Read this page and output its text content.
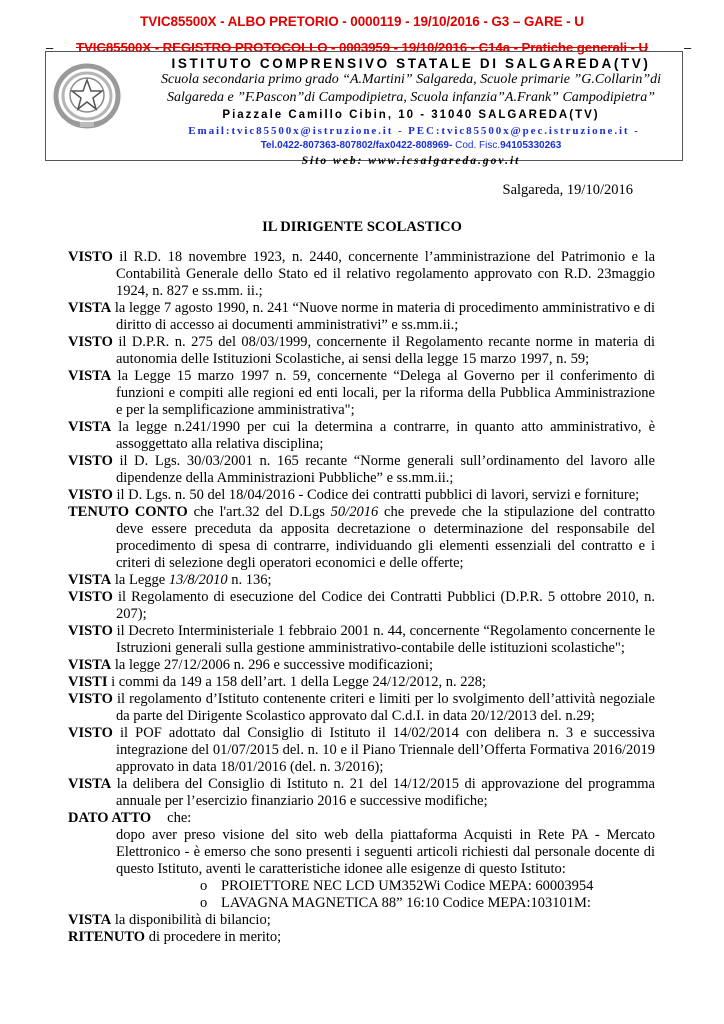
TVIC85500X - ALBO PRETORIO - 0000119 - 19/10/2016 - G3 – GARE - U
–	TVIC85500X - REGISTRO PROTOCOLLO - 0003959 - 19/10/2016 - C14a - Pratiche generali - U	–
ISTITUTO COMPRENSIVO STATALE DI SALGAREDA(TV)
Scuola secondaria primo grado “A.Martini” Salgareda, Scuole primarie ”G.Collarin”di
Salgareda e ”F.Pascon”di Campodipietra, Scuola infanzia”A.Frank” Campodipietra”
Piazzale Camillo Cibin, 10 - 31040 SALGAREDA(TV)
Email:tvic85500x@istruzione.it - PEC:tvic85500x@pec.istruzione.it -
Tel.0422-807363-807802/fax0422-808969- Cod. Fisc.94105330263
Sito web: www.icsalgareda.gov.it
Salgareda, 19/10/2016
IL DIRIGENTE SCOLASTICO

VISTO il R.D. 18 novembre 1923, n. 2440, concernente l’amministrazione del Patrimonio e la Contabilità Generale dello Stato ed il relativo regolamento approvato con R.D. 23maggio 1924, n. 827 e ss.mm. ii.;

VISTA la legge 7 agosto 1990, n. 241 “Nuove norme in materia di procedimento amministrativo e di diritto di accesso ai documenti amministrativi” e ss.mm.ii.;

VISTO il D.P.R. n. 275 del 08/03/1999, concernente il Regolamento recante norme in materia di autonomia delle Istituzioni Scolastiche, ai sensi della legge 15 marzo 1997, n. 59;

VISTA la Legge 15 marzo 1997 n. 59, concernente “Delega al Governo per il conferimento di funzioni e compiti alle regioni ed enti locali, per la riforma della Pubblica Amministrazione e per la semplificazione amministrativa";

VISTA la legge n.241/1990 per cui la determina a contrarre, in quanto atto amministrativo, è assoggettato alla relativa disciplina;

VISTO il D. Lgs. 30/03/2001 n. 165 recante “Norme generali sull’ordinamento del lavoro alle dipendenze della Amministrazioni Pubbliche” e ss.mm.ii.;

VISTO il D. Lgs. n. 50 del 18/04/2016 - Codice dei contratti pubblici di lavori, servizi e forniture;

TENUTO CONTO che l'art.32 del D.Lgs 50/2016 che prevede che la stipulazione del contratto deve essere preceduta da apposita decretazione o determinazione del responsabile del procedimento di spesa di contrarre, individuando gli elementi essenziali del contratto e i criteri di selezione degli operatori economici e delle offerte;

VISTA la Legge 13/8/2010 n. 136;

VISTO il Regolamento di esecuzione del Codice dei Contratti Pubblici (D.P.R. 5 ottobre 2010, n. 207);

VISTO il Decreto Interministeriale 1 febbraio 2001 n. 44, concernente “Regolamento concernente le Istruzioni generali sulla gestione amministrativo-contabile delle istituzioni scolastiche";

VISTA la legge 27/12/2006 n. 296 e successive modificazioni;

VISTI i commi da 149 a 158 dell’art. 1 della Legge 24/12/2012, n. 228;

VISTO il regolamento d’Istituto contenente criteri e limiti per lo svolgimento dell’attività negoziale da parte del Dirigente Scolastico approvato dal C.d.I. in data 20/12/2013 del. n.29;

VISTO il POF adottato dal Consiglio di Istituto il 14/02/2014 con delibera n. 3 e successiva integrazione del 01/07/2015 del. n. 10 e il Piano Triennale dell’Offerta Formativa 2016/2019 approvato in data 18/01/2016 (del. n. 3/2016);

VISTA la delibera del Consiglio di Istituto n. 21 del 14/12/2015 di approvazione del programma annuale per l’esercizio finanziario 2016 e successive modifiche;

DATO ATTO che:

dopo aver preso visione del sito web della piattaforma Acquisti in Rete PA - Mercato Elettronico - è emerso che sono presenti i seguenti articoli richiesti dal personale docente di questo Istituto, aventi le caratteristiche idonee alle esigenze di questo Istituto:

o PROIETTORE NEC LCD UM352Wi Codice MEPA: 60003954
o LAVAGNA MAGNETICA 88” 16:10 Codice MEPA:103101M:

VISTA la disponibilità di bilancio;

RITENUTO di procedere in merito;
